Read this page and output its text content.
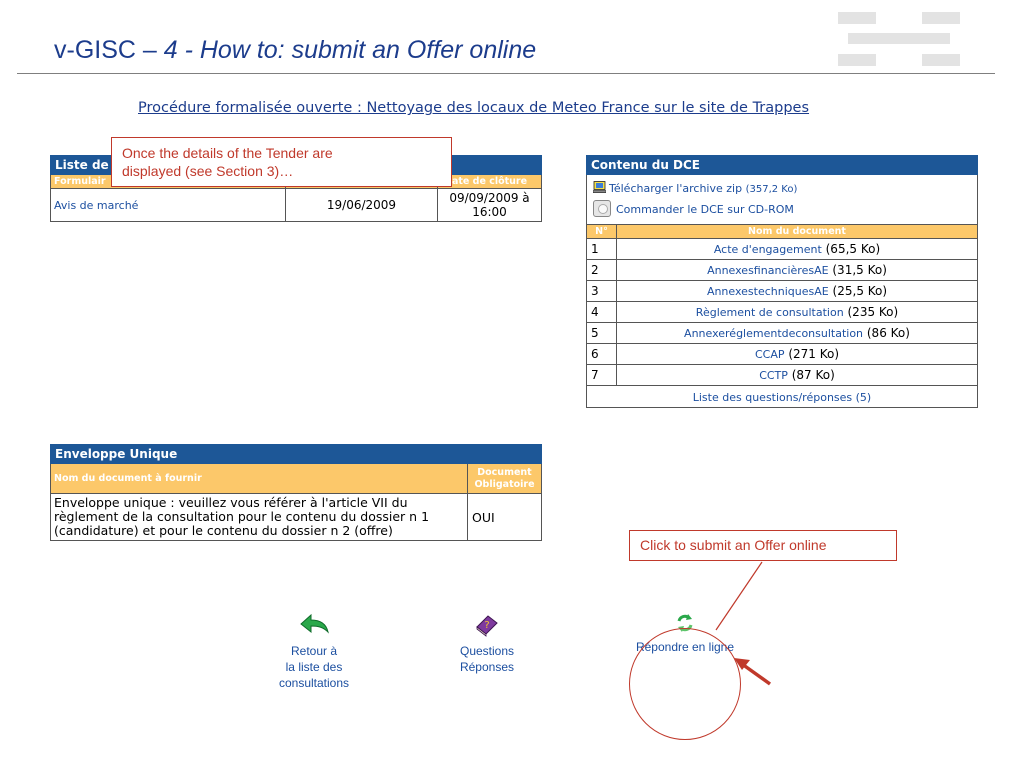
v-GISC – 4 - How to: submit an Offer online
Procédure formalisée ouverte : Nettoyage des locaux de Meteo France sur le site de Trappes
Liste de		
Formulair		ate de clôture
Avis de marché	19/06/2009	09/09/2009 à
16:00
Once the details of the Tender are
displayed (see Section 3)…	Contenu du DCE	
Télécharger l'archive zip (357,2 Ko)
Commander le DCE sur CD-ROM	
N°	Nom du document
1	Acte d'engagement (65,5 Ko)
2	AnnexesfinancièresAE (31,5 Ko)
3	AnnexestechniquesAE (25,5 Ko)
4	Règlement de consultation (235 Ko)
5	Annexeréglementdeconsultation (86 Ko)
6	CCAP (271 Ko)
7	CCTP (87 Ko)
Liste des questions/réponses (5)	
Enveloppe Unique	
Nom du document à fournir	Document
Obligatoire
Enveloppe unique : veuillez vous référer à l'article VII du
règlement de la consultation pour le contenu du dossier n 1
(candidature) et pour le contenu du dossier n 2 (offre)	OUI
Click to submit an Offer online
Retour à
la liste des
consultations
?
Questions
Réponses
Répondre en ligne
